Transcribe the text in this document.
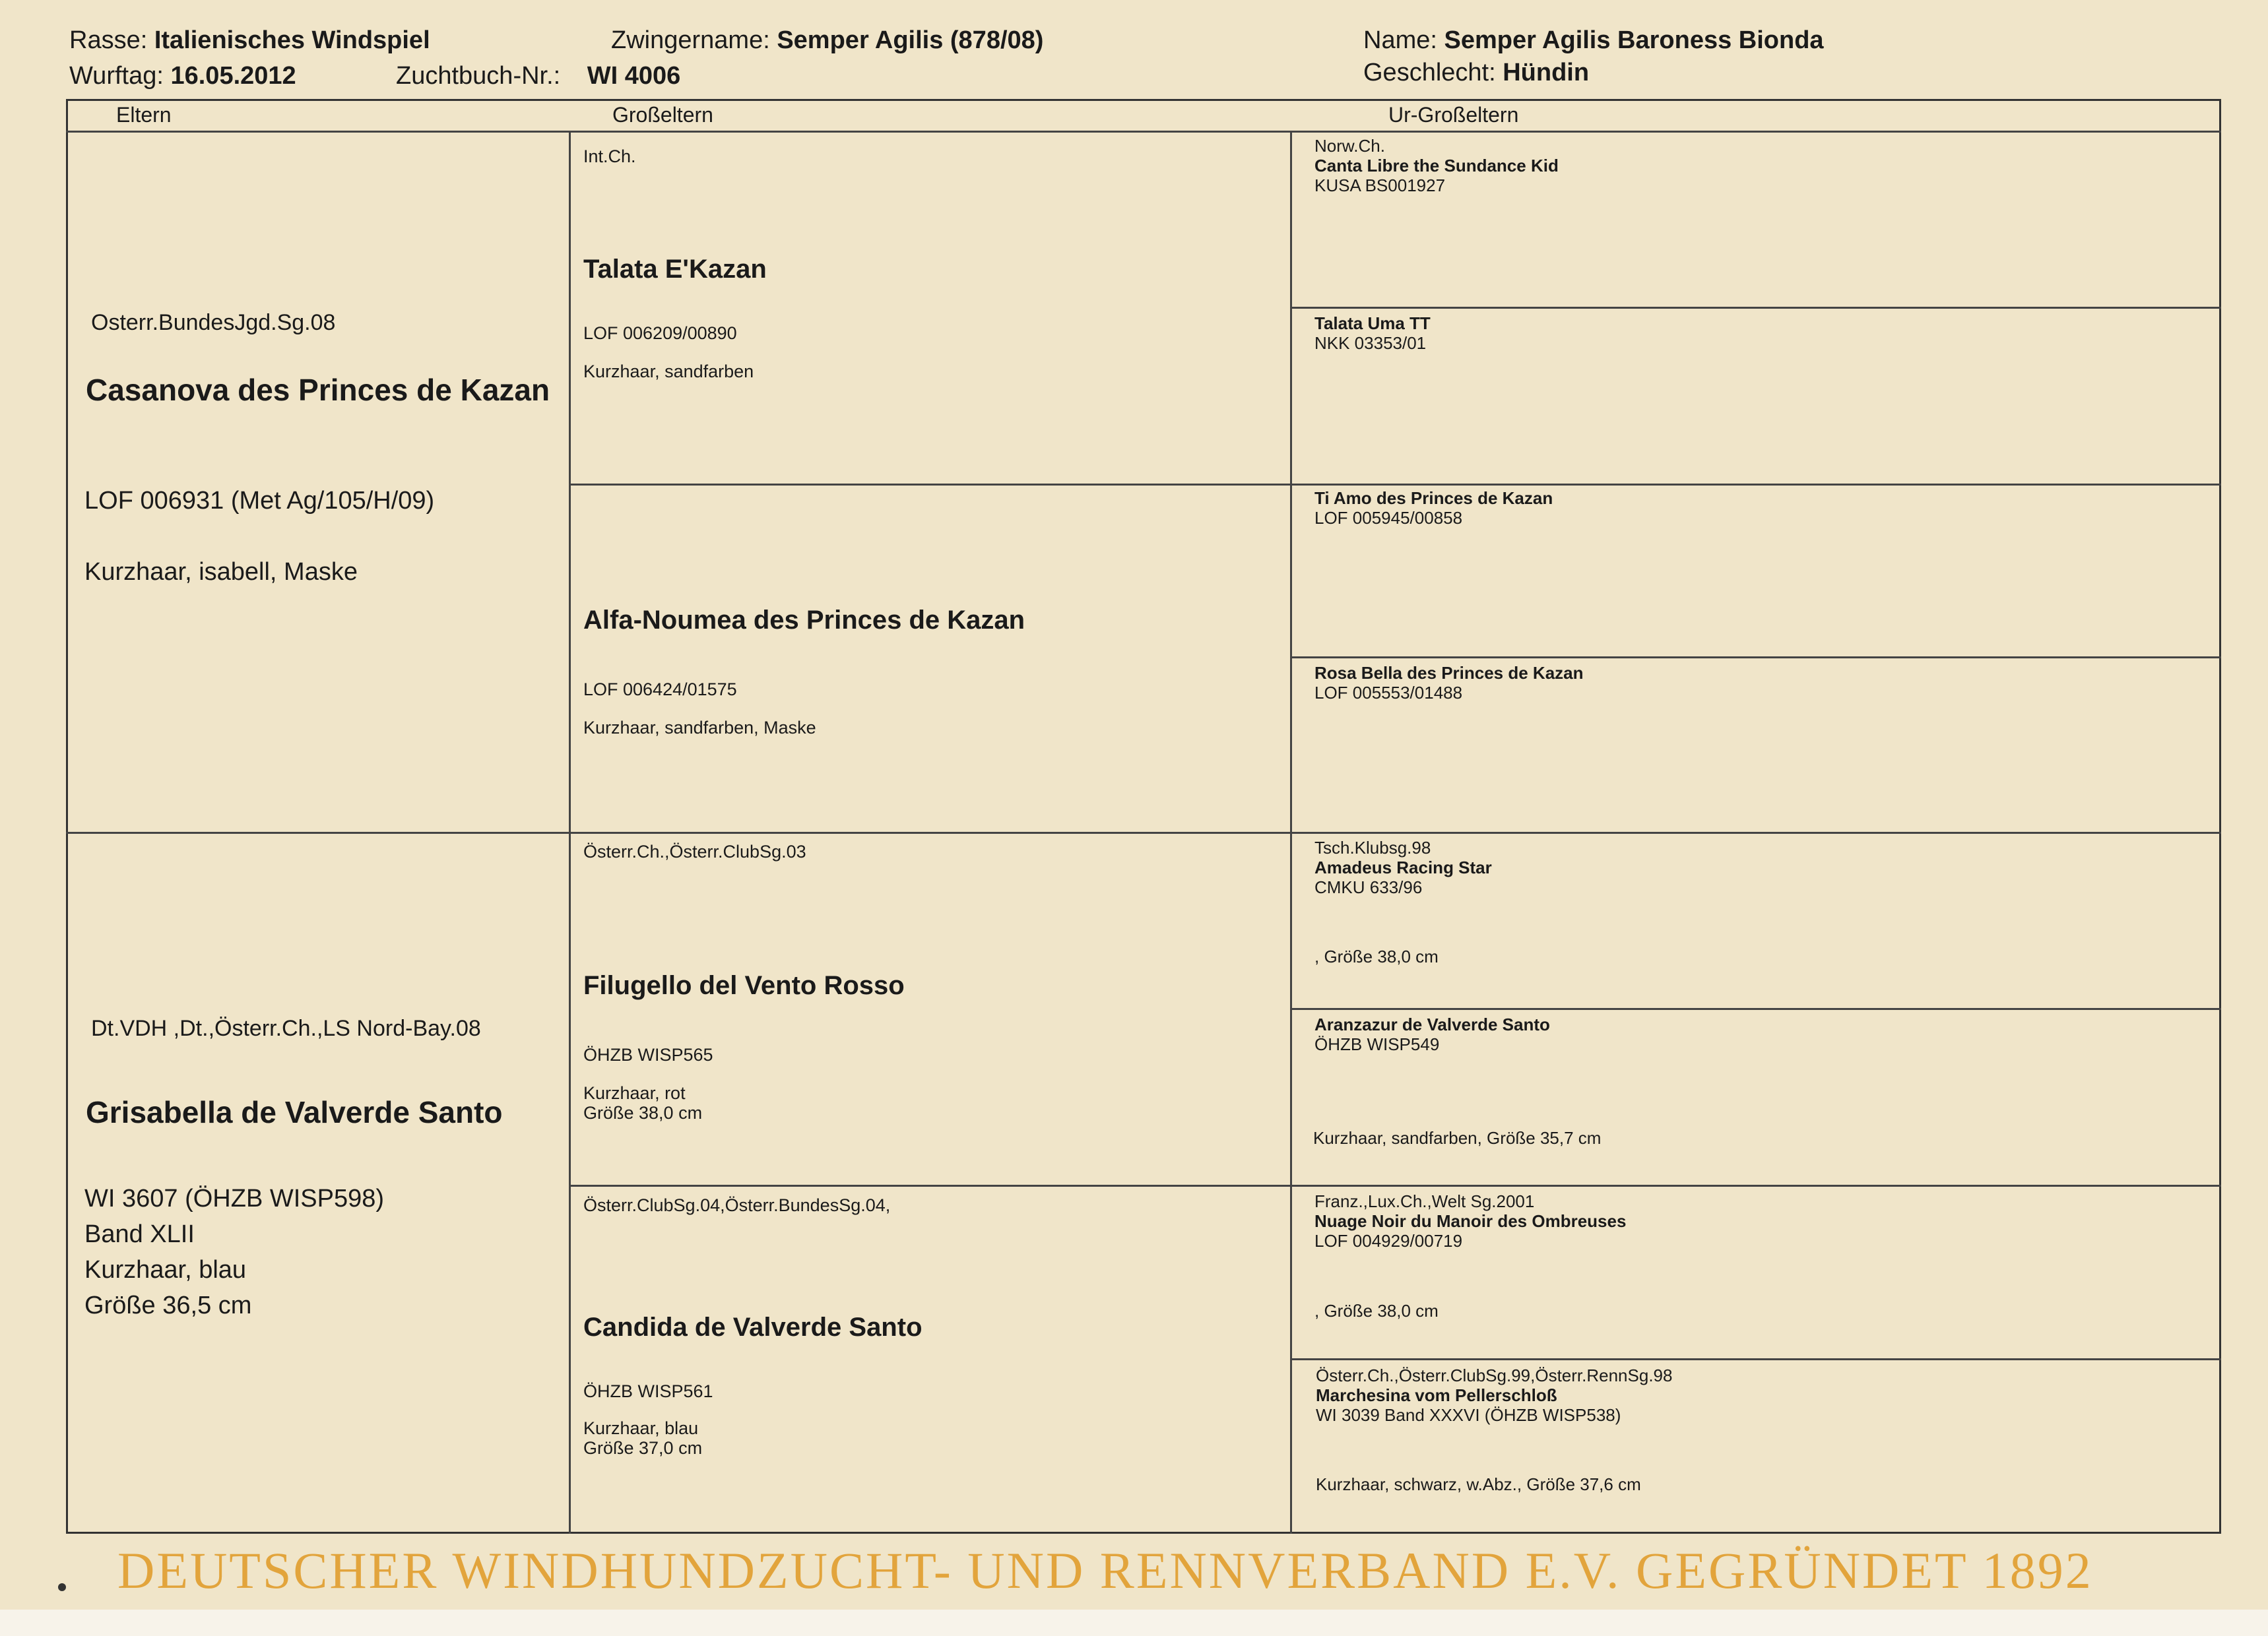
Rasse: Italienisches Windspiel
Wurftag: 16.05.2012	Zuchtbuch-Nr.: WI 4006
Zwingername: Semper Agilis (878/08)	Name: Semper Agilis Baroness Bionda
Geschlecht: Hündin
Eltern	Großeltern	Ur-Großeltern
Osterr.BundesJgd.Sg.08
Casanova des Princes de Kazan
LOF 006931 (Met Ag/105/H/09)
Kurzhaar, isabell, Maske
Dt.VDH ,Dt.,Österr.Ch.,LS Nord-Bay.08
Grisabella de Valverde Santo
WI 3607 (ÖHZB WISP598)
Band XLII
Kurzhaar, blau
Größe 36,5 cm
Int.Ch.
Talata E'Kazan
LOF 006209/00890
Kurzhaar, sandfarben
Alfa-Noumea des Princes de Kazan
LOF 006424/01575
Kurzhaar, sandfarben, Maske
Österr.Ch.,Österr.ClubSg.03
Filugello del Vento Rosso
ÖHZB WISP565
Kurzhaar, rot
Größe 38,0 cm
Österr.ClubSg.04,Österr.BundesSg.04,
Candida de Valverde Santo
ÖHZB WISP561
Kurzhaar, blau
Größe 37,0 cm
Norw.Ch.
Canta Libre the Sundance Kid
KUSA BS001927
Talata Uma TT
NKK 03353/01
Ti Amo des Princes de Kazan
LOF 005945/00858
Rosa Bella des Princes de Kazan
LOF 005553/01488
Tsch.Klubsg.98
Amadeus Racing Star
CMKU 633/96
, Größe 38,0 cm
Aranzazur de Valverde Santo
ÖHZB WISP549
Kurzhaar, sandfarben, Größe 35,7 cm
Franz.,Lux.Ch.,Welt Sg.2001
Nuage Noir du Manoir des Ombreuses
LOF 004929/00719
, Größe 38,0 cm
Österr.Ch.,Österr.ClubSg.99,Österr.RennSg.98
Marchesina vom Pellerschloß
WI 3039 Band XXXVI (ÖHZB WISP538)
Kurzhaar, schwarz, w.Abz., Größe 37,6 cm
DEUTSCHER WINDHUNDZUCHT- UND RENNVERBAND E.V. GEGRÜNDET 1892
